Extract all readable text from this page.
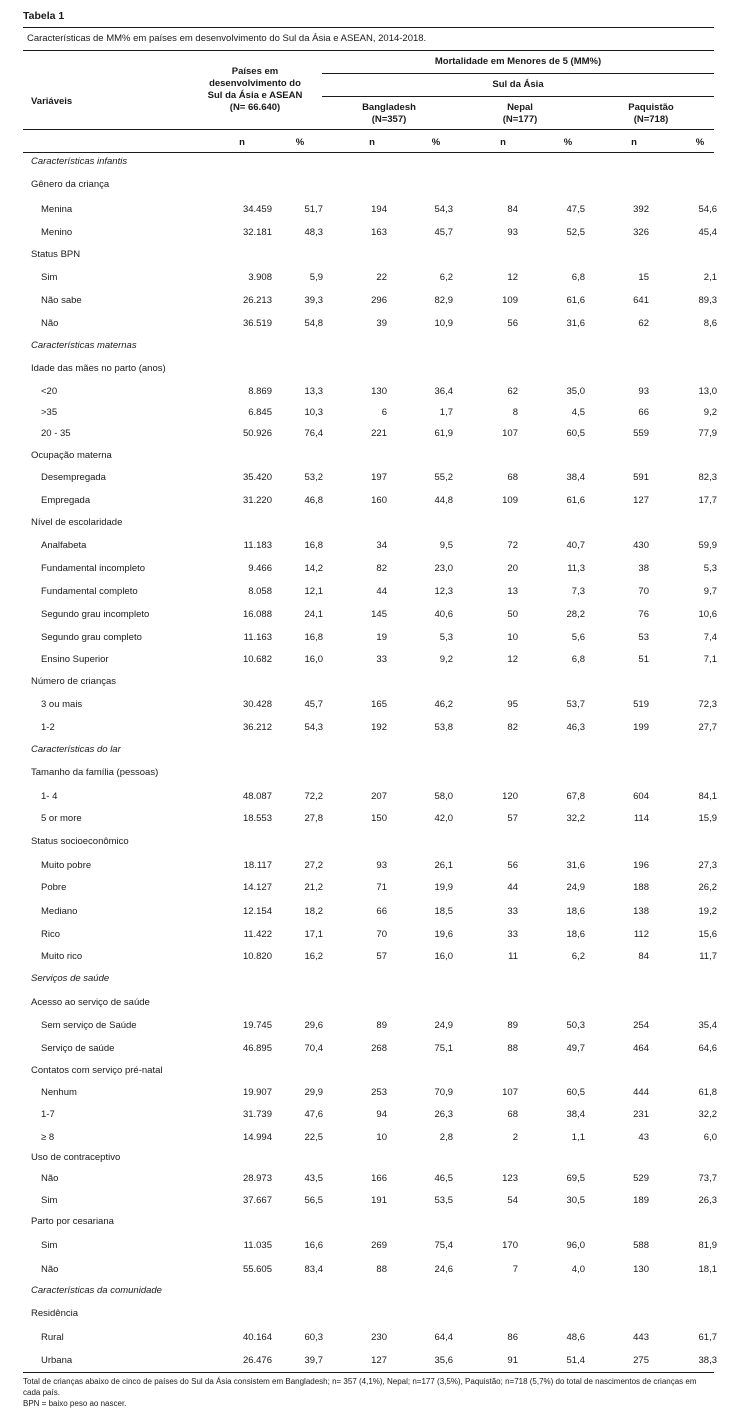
Tabela 1
Características de MM% em países em desenvolvimento do Sul da Ásia e ASEAN, 2014-2018.
Variáveis
Países em
desenvolvimento do
Sul da Ásia e ASEAN
(N= 66.640)
Mortalidade em Menores de 5 (MM%)
Sul da Ásia
Bangladesh
(N=357)
Nepal
(N=177)
Paquistão
(N=718)
n	%	n	%	n	%	n	%
Características infantis
Gênero da criança
Menina	34.459	51,7	194	54,3	84	47,5	392	54,6
Menino	32.181	48,3	163	45,7	93	52,5	326	45,4
Status BPN
Sim	3.908	5,9	22	6,2	12	6,8	15	2,1
Não sabe	26.213	39,3	296	82,9	109	61,6	641	89,3
Não	36.519	54,8	39	10,9	56	31,6	62	8,6
Características maternas
Idade das mães no parto (anos)
<20	8.869	13,3	130	36,4	62	35,0	93	13,0
>35	6.845	10,3	6	1,7	8	4,5	66	9,2
20 - 35	50.926	76,4	221	61,9	107	60,5	559	77,9
Ocupação materna
Desempregada	35.420	53,2	197	55,2	68	38,4	591	82,3
Empregada	31.220	46,8	160	44,8	109	61,6	127	17,7
Nível de escolaridade
Analfabeta	11.183	16,8	34	9,5	72	40,7	430	59,9
Fundamental incompleto	9.466	14,2	82	23,0	20	11,3	38	5,3
Fundamental completo	8.058	12,1	44	12,3	13	7,3	70	9,7
Segundo grau incompleto	16.088	24,1	145	40,6	50	28,2	76	10,6
Segundo grau completo	11.163	16,8	19	5,3	10	5,6	53	7,4
Ensino Superior	10.682	16,0	33	9,2	12	6,8	51	7,1
Número de crianças
3 ou mais	30.428	45,7	165	46,2	95	53,7	519	72,3
1-2	36.212	54,3	192	53,8	82	46,3	199	27,7
Características do lar
Tamanho da família (pessoas)
1- 4	48.087	72,2	207	58,0	120	67,8	604	84,1
5 or more	18.553	27,8	150	42,0	57	32,2	114	15,9
Status socioeconômico
Muito pobre	18.117	27,2	93	26,1	56	31,6	196	27,3
Pobre	14.127	21,2	71	19,9	44	24,9	188	26,2
Mediano	12.154	18,2	66	18,5	33	18,6	138	19,2
Rico	11.422	17,1	70	19,6	33	18,6	112	15,6
Muito rico	10.820	16,2	57	16,0	11	6,2	84	11,7
Serviços de saúde
Acesso ao serviço de saúde
Sem serviço de Saúde	19.745	29,6	89	24,9	89	50,3	254	35,4
Serviço de saúde	46.895	70,4	268	75,1	88	49,7	464	64,6
Contatos com serviço pré-natal
Nenhum	19.907	29,9	253	70,9	107	60,5	444	61,8
1-7	31.739	47,6	94	26,3	68	38,4	231	32,2
≥ 8	14.994	22,5	10	2,8	2	1,1	43	6,0
Uso de contraceptivo
Não	28.973	43,5	166	46,5	123	69,5	529	73,7
Sim	37.667	56,5	191	53,5	54	30,5	189	26,3
Parto por cesariana
Sim	11.035	16,6	269	75,4	170	96,0	588	81,9
Não	55.605	83,4	88	24,6	7	4,0	130	18,1
Características da comunidade
Residência
Rural	40.164	60,3	230	64,4	86	48,6	443	61,7
Urbana	26.476	39,7	127	35,6	91	51,4	275	38,3
Total de crianças abaixo de cinco de países do Sul da Ásia consistem em Bangladesh; n= 357 (4,1%), Nepal; n=177 (3,5%), Paquistão; n=718 (5,7%) do total de nascimentos de crianças em cada país.
BPN = baixo peso ao nascer.
